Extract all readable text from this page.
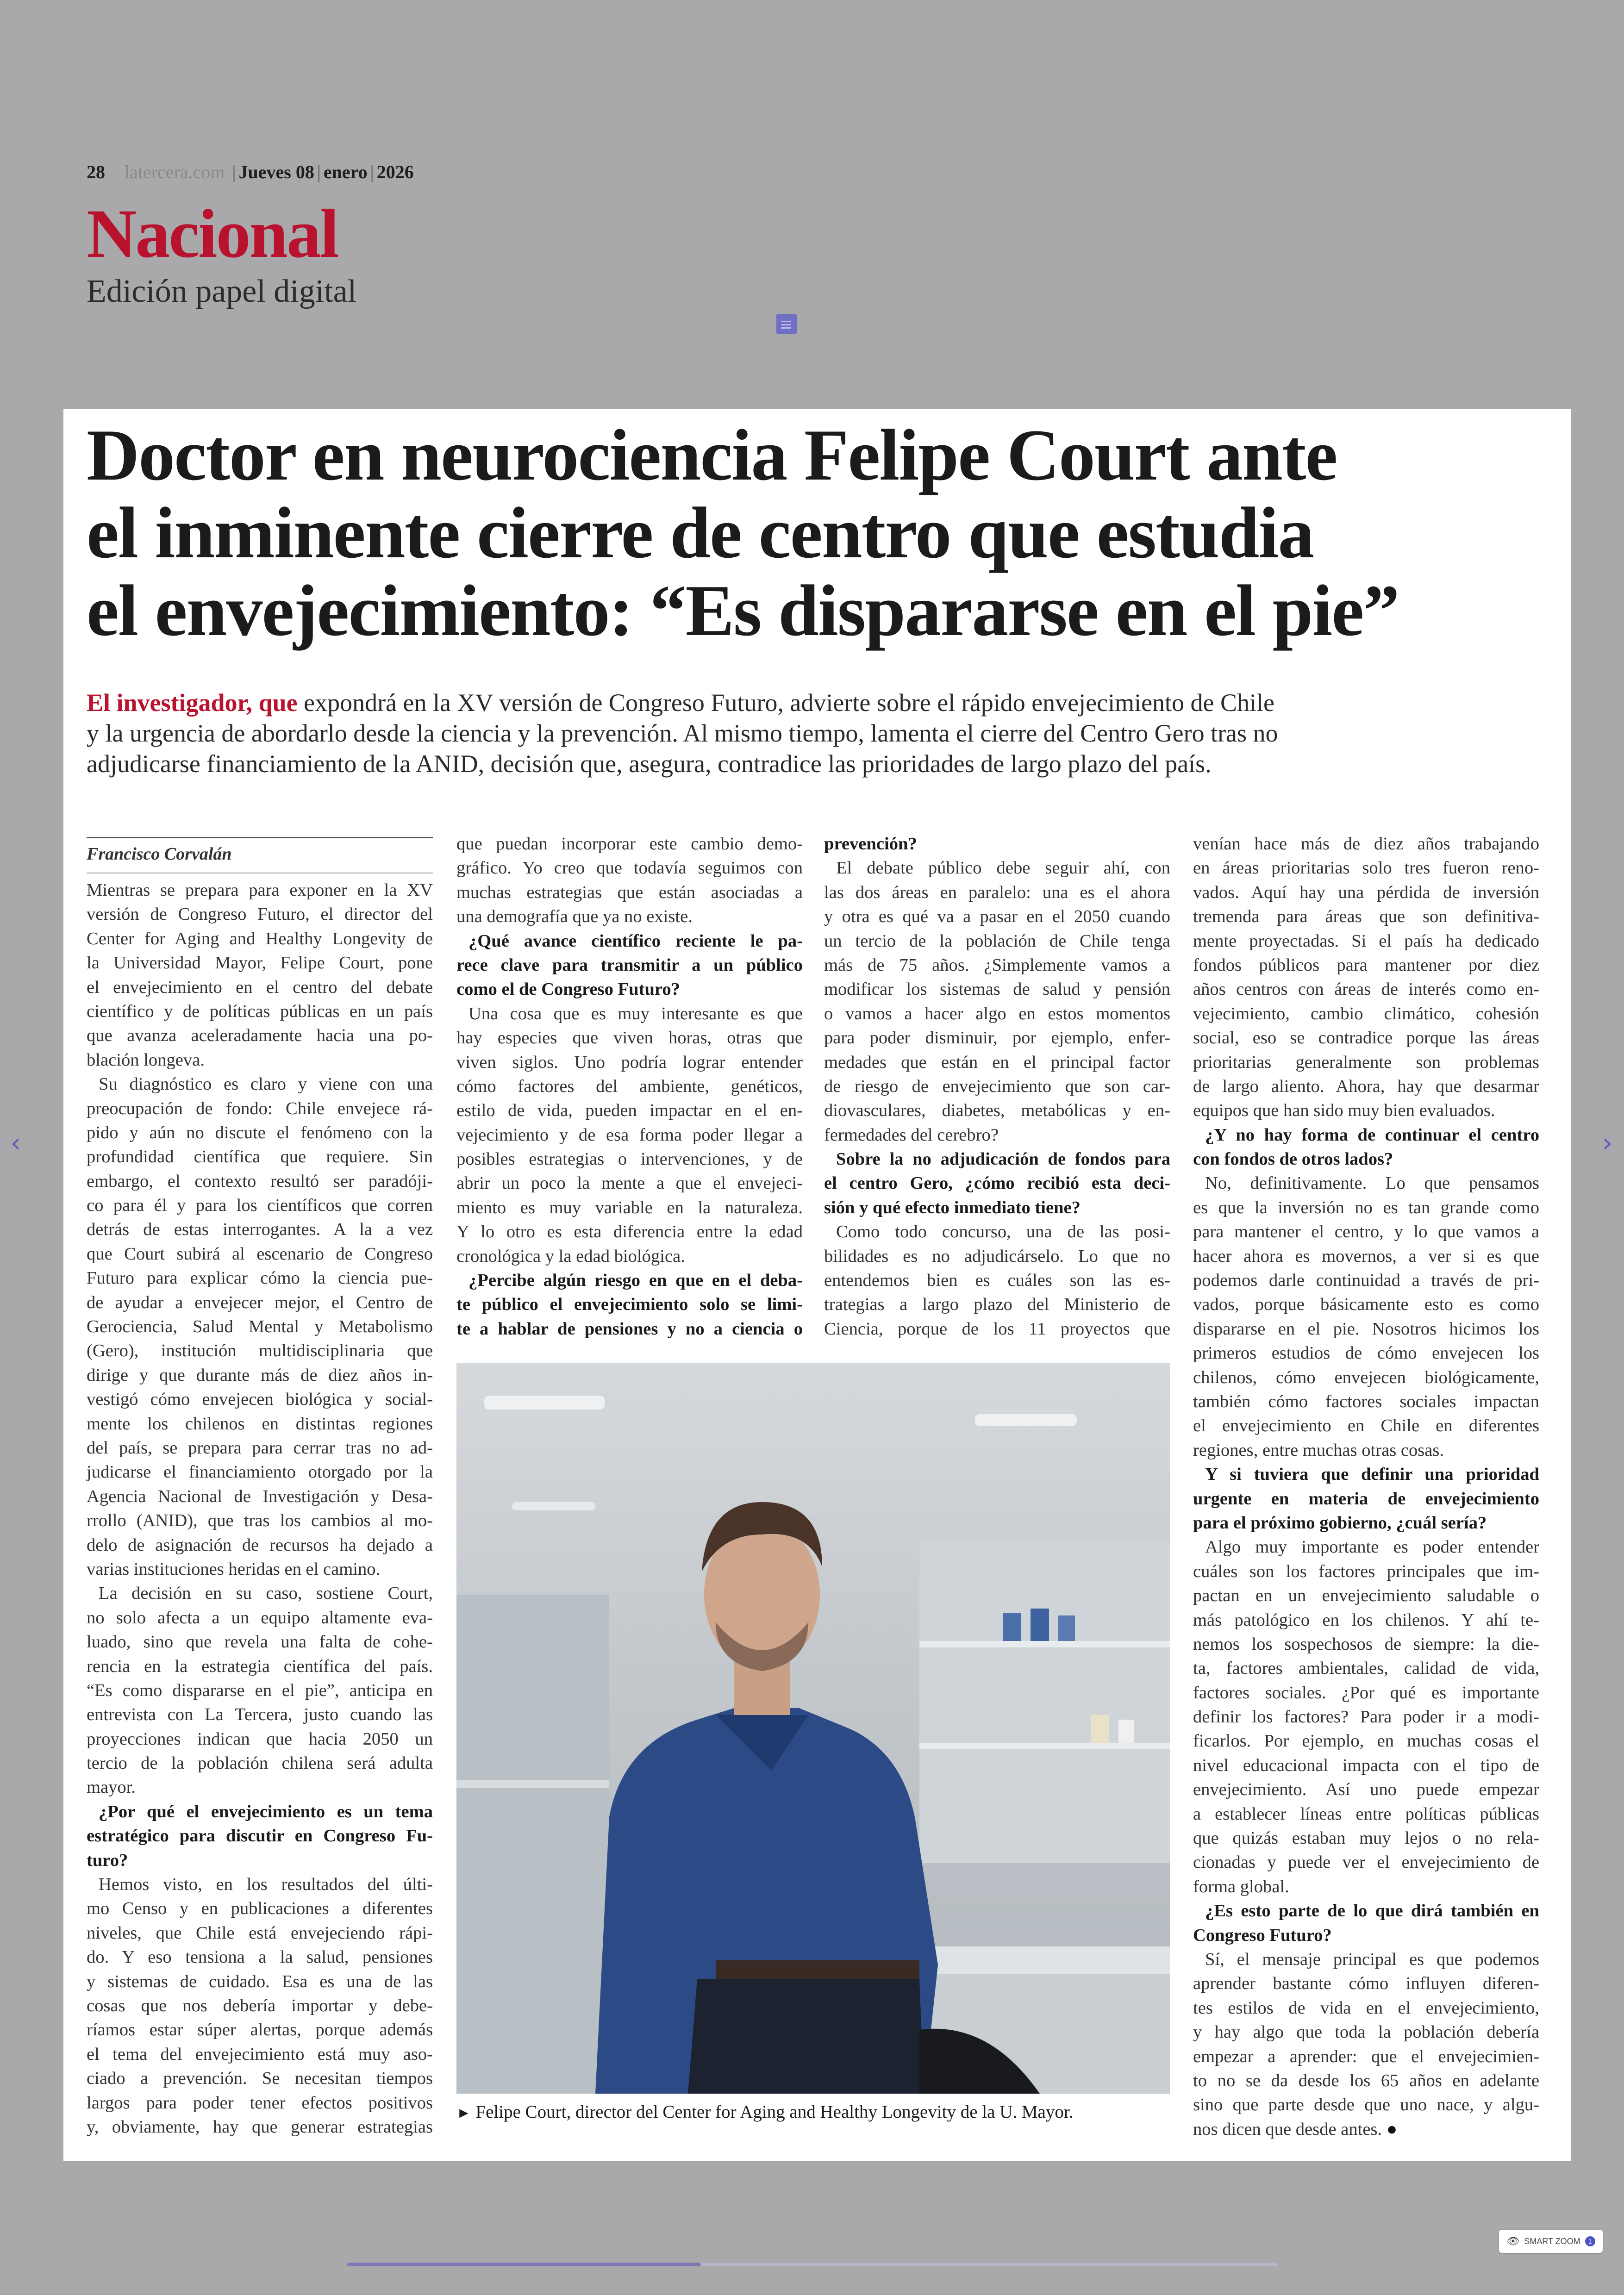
28 latercera.com | Jueves 08 | enero | 2026
Nacional
Edición papel digital
Doctor en neurociencia Felipe Court ante
el inminente cierre de centro que estudia
el envejecimiento: “Es dispararse en el pie”
El investigador, que expondrá en la XV versión de Congreso Futuro, advierte sobre el rápido envejecimiento de Chile
y la urgencia de abordarlo desde la ciencia y la prevención. Al mismo tiempo, lamenta el cierre del Centro Gero tras no
adjudicarse financiamiento de la ANID, decisión que, asegura, contradice las prioridades de largo plazo del país.
Francisco Corvalán
Mientras se prepara para exponer en la XV
versión de Congreso Futuro, el director del
Center for Aging and Healthy Longevity de
la Universidad Mayor, Felipe Court, pone
el envejecimiento en el centro del debate
científico y de políticas públicas en un país
que avanza aceleradamente hacia una po-
blación longeva.
Su diagnóstico es claro y viene con una
preocupación de fondo: Chile envejece rá-
pido y aún no discute el fenómeno con la
profundidad científica que requiere. Sin
embargo, el contexto resultó ser paradóji-
co para él y para los científicos que corren
detrás de estas interrogantes. A la a vez
que Court subirá al escenario de Congreso
Futuro para explicar cómo la ciencia pue-
de ayudar a envejecer mejor, el Centro de
Gerociencia, Salud Mental y Metabolismo
(Gero), institución multidisciplinaria que
dirige y que durante más de diez años in-
vestigó cómo envejecen biológica y social-
mente los chilenos en distintas regiones
del país, se prepara para cerrar tras no ad-
judicarse el financiamiento otorgado por la
Agencia Nacional de Investigación y Desa-
rrollo (ANID), que tras los cambios al mo-
delo de asignación de recursos ha dejado a
varias instituciones heridas en el camino.
La decisión en su caso, sostiene Court,
no solo afecta a un equipo altamente eva-
luado, sino que revela una falta de cohe-
rencia en la estrategia científica del país.
“Es como dispararse en el pie”, anticipa en
entrevista con La Tercera, justo cuando las
proyecciones indican que hacia 2050 un
tercio de la población chilena será adulta
mayor.
¿Por qué el envejecimiento es un tema
estratégico para discutir en Congreso Fu-
turo?
Hemos visto, en los resultados del últi-
mo Censo y en publicaciones a diferentes
niveles, que Chile está envejeciendo rápi-
do. Y eso tensiona a la salud, pensiones
y sistemas de cuidado. Esa es una de las
cosas que nos debería importar y debe-
ríamos estar súper alertas, porque además
el tema del envejecimiento está muy aso-
ciado a prevención. Se necesitan tiempos
largos para poder tener efectos positivos
y, obviamente, hay que generar estrategias
que puedan incorporar este cambio demo-
gráfico. Yo creo que todavía seguimos con
muchas estrategias que están asociadas a
una demografía que ya no existe.
¿Qué avance científico reciente le pa-
rece clave para transmitir a un público
como el de Congreso Futuro?
Una cosa que es muy interesante es que
hay especies que viven horas, otras que
viven siglos. Uno podría lograr entender
cómo factores del ambiente, genéticos,
estilo de vida, pueden impactar en el en-
vejecimiento y de esa forma poder llegar a
posibles estrategias o intervenciones, y de
abrir un poco la mente a que el envejeci-
miento es muy variable en la naturaleza.
Y lo otro es esta diferencia entre la edad
cronológica y la edad biológica.
¿Percibe algún riesgo en que en el deba-
te público el envejecimiento solo se limi-
te a hablar de pensiones y no a ciencia o
prevención?
El debate público debe seguir ahí, con
las dos áreas en paralelo: una es el ahora
y otra es qué va a pasar en el 2050 cuando
un tercio de la población de Chile tenga
más de 75 años. ¿Simplemente vamos a
modificar los sistemas de salud y pensión
o vamos a hacer algo en estos momentos
para poder disminuir, por ejemplo, enfer-
medades que están en el principal factor
de riesgo de envejecimiento que son car-
diovasculares, diabetes, metabólicas y en-
fermedades del cerebro?
Sobre la no adjudicación de fondos para
el centro Gero, ¿cómo recibió esta deci-
sión y qué efecto inmediato tiene?
Como todo concurso, una de las posi-
bilidades es no adjudicárselo. Lo que no
entendemos bien es cuáles son las es-
trategias a largo plazo del Ministerio de
Ciencia, porque de los 11 proyectos que
venían hace más de diez años trabajando
en áreas prioritarias solo tres fueron reno-
vados. Aquí hay una pérdida de inversión
tremenda para áreas que son definitiva-
mente proyectadas. Si el país ha dedicado
fondos públicos para mantener por diez
años centros con áreas de interés como en-
vejecimiento, cambio climático, cohesión
social, eso se contradice porque las áreas
prioritarias generalmente son problemas
de largo aliento. Ahora, hay que desarmar
equipos que han sido muy bien evaluados.
¿Y no hay forma de continuar el centro
con fondos de otros lados?
No, definitivamente. Lo que pensamos
es que la inversión no es tan grande como
para mantener el centro, y lo que vamos a
hacer ahora es movernos, a ver si es que
podemos darle continuidad a través de pri-
vados, porque básicamente esto es como
dispararse en el pie. Nosotros hicimos los
primeros estudios de cómo envejecen los
chilenos, cómo envejecen biológicamente,
también cómo factores sociales impactan
el envejecimiento en Chile en diferentes
regiones, entre muchas otras cosas.
Y si tuviera que definir una prioridad
urgente en materia de envejecimiento
para el próximo gobierno, ¿cuál sería?
Algo muy importante es poder entender
cuáles son los factores principales que im-
pactan en un envejecimiento saludable o
más patológico en los chilenos. Y ahí te-
nemos los sospechosos de siempre: la die-
ta, factores ambientales, calidad de vida,
factores sociales. ¿Por qué es importante
definir los factores? Para poder ir a modi-
ficarlos. Por ejemplo, en muchas cosas el
nivel educacional impacta con el tipo de
envejecimiento. Así uno puede empezar
a establecer líneas entre políticas públicas
que quizás estaban muy lejos o no rela-
cionadas y puede ver el envejecimiento de
forma global.
¿Es esto parte de lo que dirá también en
Congreso Futuro?
Sí, el mensaje principal es que podemos
aprender bastante cómo influyen diferen-
tes estilos de vida en el envejecimiento,
y hay algo que toda la población debería
empezar a aprender: que el envejecimien-
to no se da desde los 65 años en adelante
sino que parte desde que uno nace, y algu-
nos dicen que desde antes. ●
► Felipe Court, director del Center for Aging and Healthy Longevity de la U. Mayor.
‹	›
👁 SMART ZOOM	1
